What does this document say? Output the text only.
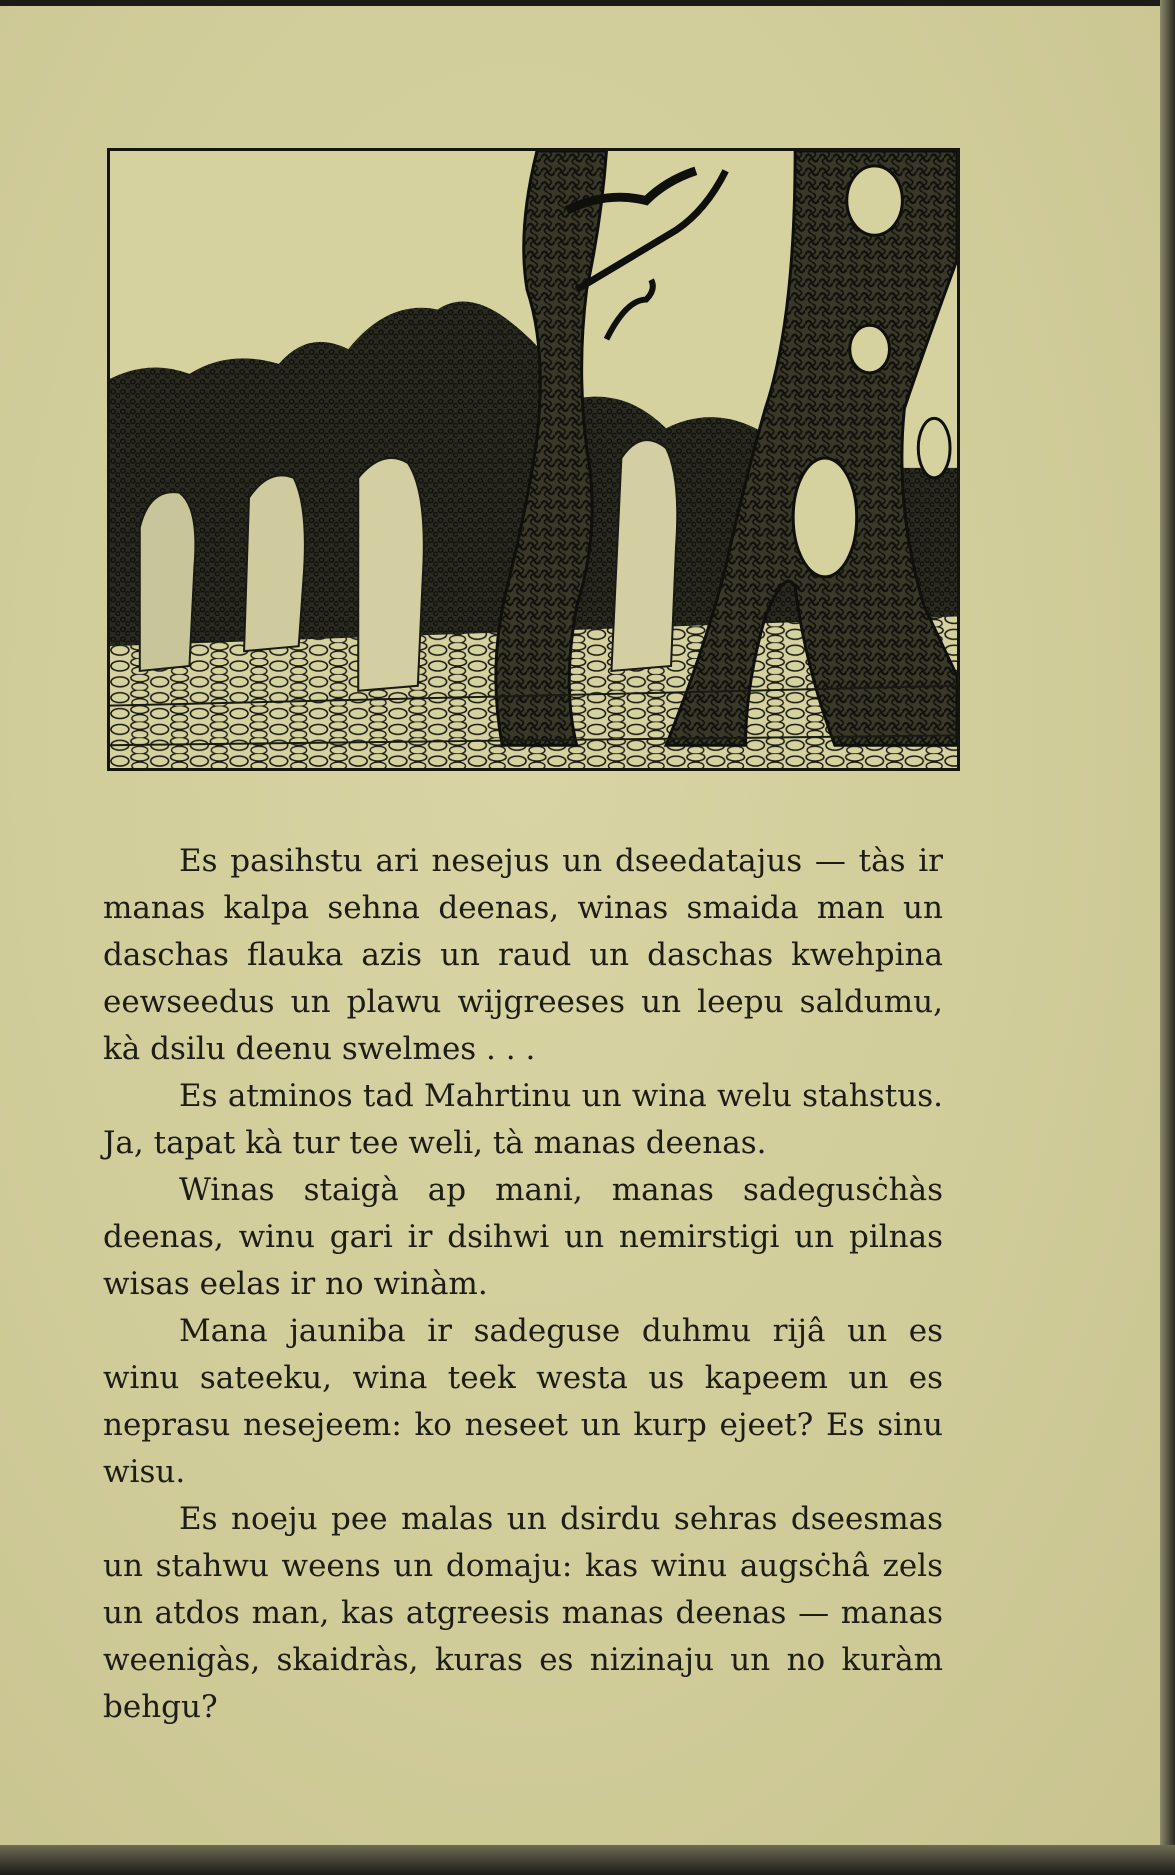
Es pasihstu ari nesejus un dseedatajus — tàs ir manas kalpa sehna deenas, winas smaida man un daschas flauka azis un raud un daschas kwehpina eewseedus un plawu wijgreeses un leepu saldumu, kà dsilu deenu swelmes . . .

Es atminos tad Mahrtinu un wina welu stahstus. Ja, tapat kà tur tee weli, tà manas deenas.

Winas staigà ap mani, manas sadegusċhàs deenas, winu gari ir dsihwi un nemirstigi un pilnas wisas eelas ir no winàm.

Mana jauniba ir sadeguse duhmu rijâ un es winu sateeku, wina teek westa us kapeem un es neprasu nesejeem: ko neseet un kurp ejeet? Es sinu wisu.

Es noeju pee malas un dsirdu sehras dseesmas un stahwu weens un domaju: kas winu augsċhâ zels un atdos man, kas atgreesis manas deenas — manas weenigàs, skaidràs, kuras es nizinaju un no kuràm behgu?
